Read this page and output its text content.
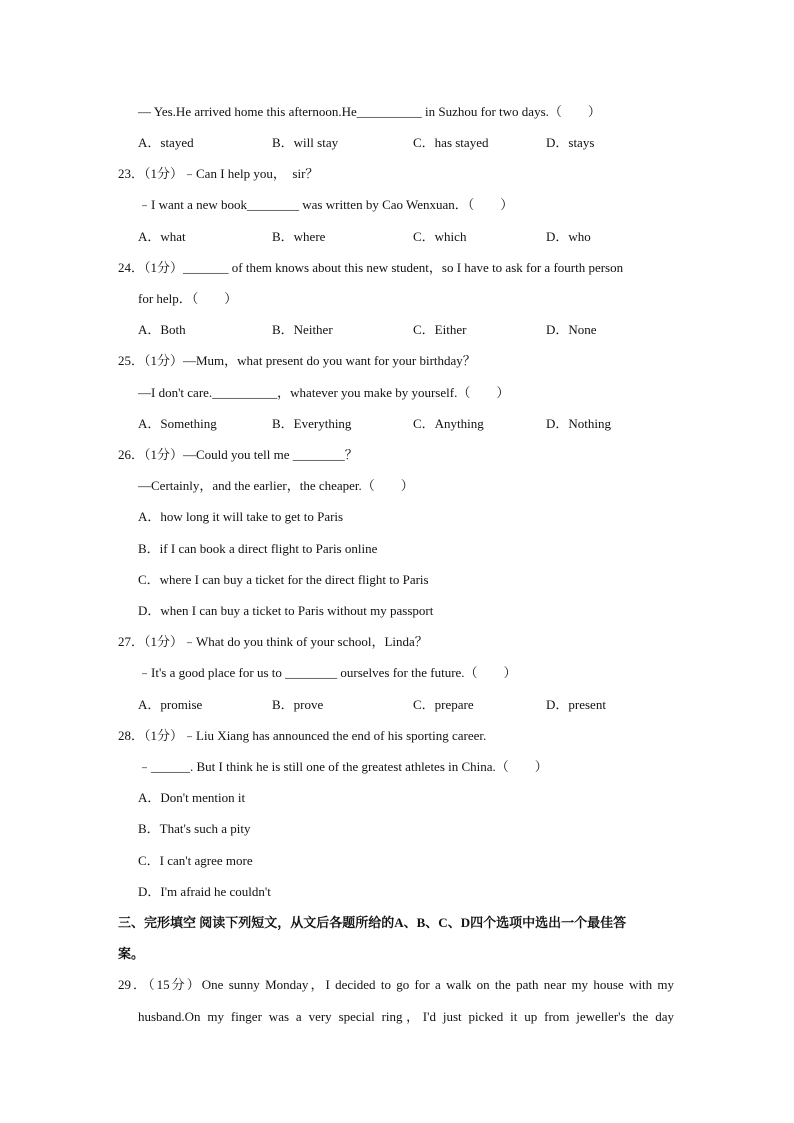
— Yes.He arrived home this afternoon.He__________ in Suzhou for two days.（　　）
A．stayed	B．will stay	C．has stayed	D．stays
23．（1分）﹣Can I help you，　sir？
﹣I want a new book________ was written by Cao Wenxuan．（　　）
A．what	B．where	C．which	D．who
24．（1分）_______ of them knows about this new student，so I have to ask for a fourth person
for help．（　　）
A．Both	B．Neither	C．Either	D．None
25．（1分）—Mum，what present do you want for your birthday？
—I don't care.__________，whatever you make by yourself.（　　）
A．Something	B．Everything	C．Anything	D．Nothing
26．（1分）—Could you tell me ________？
—Certainly，and the earlier，the cheaper.（　　）
A．how long it will take to get to Paris
B．if I can book a direct flight to Paris online
C．where I can buy a ticket for the direct flight to Paris
D．when I can buy a ticket to Paris without my passport
27．（1分）﹣What do you think of your school，Linda？
﹣It's a good place for us to ________ ourselves for the future.（　　）
A．promise	B．prove	C．prepare	D．present
28．（1分）﹣Liu Xiang has announced the end of his sporting career.
﹣______. But I think he is still one of the greatest athletes in China.（　　）
A．Don't mention it
B．That's such a pity
C．I can't agree more
D．I'm afraid he couldn't
三、完形填空 阅读下列短文，从文后各题所给的A、B、C、D四个选项中选出一个最佳答
案。
29．（15分）One sunny Monday，I decided to go for a walk on the path near my house with my
husband.On my finger was a very special ring，I'd just picked it up from jeweller's the day
